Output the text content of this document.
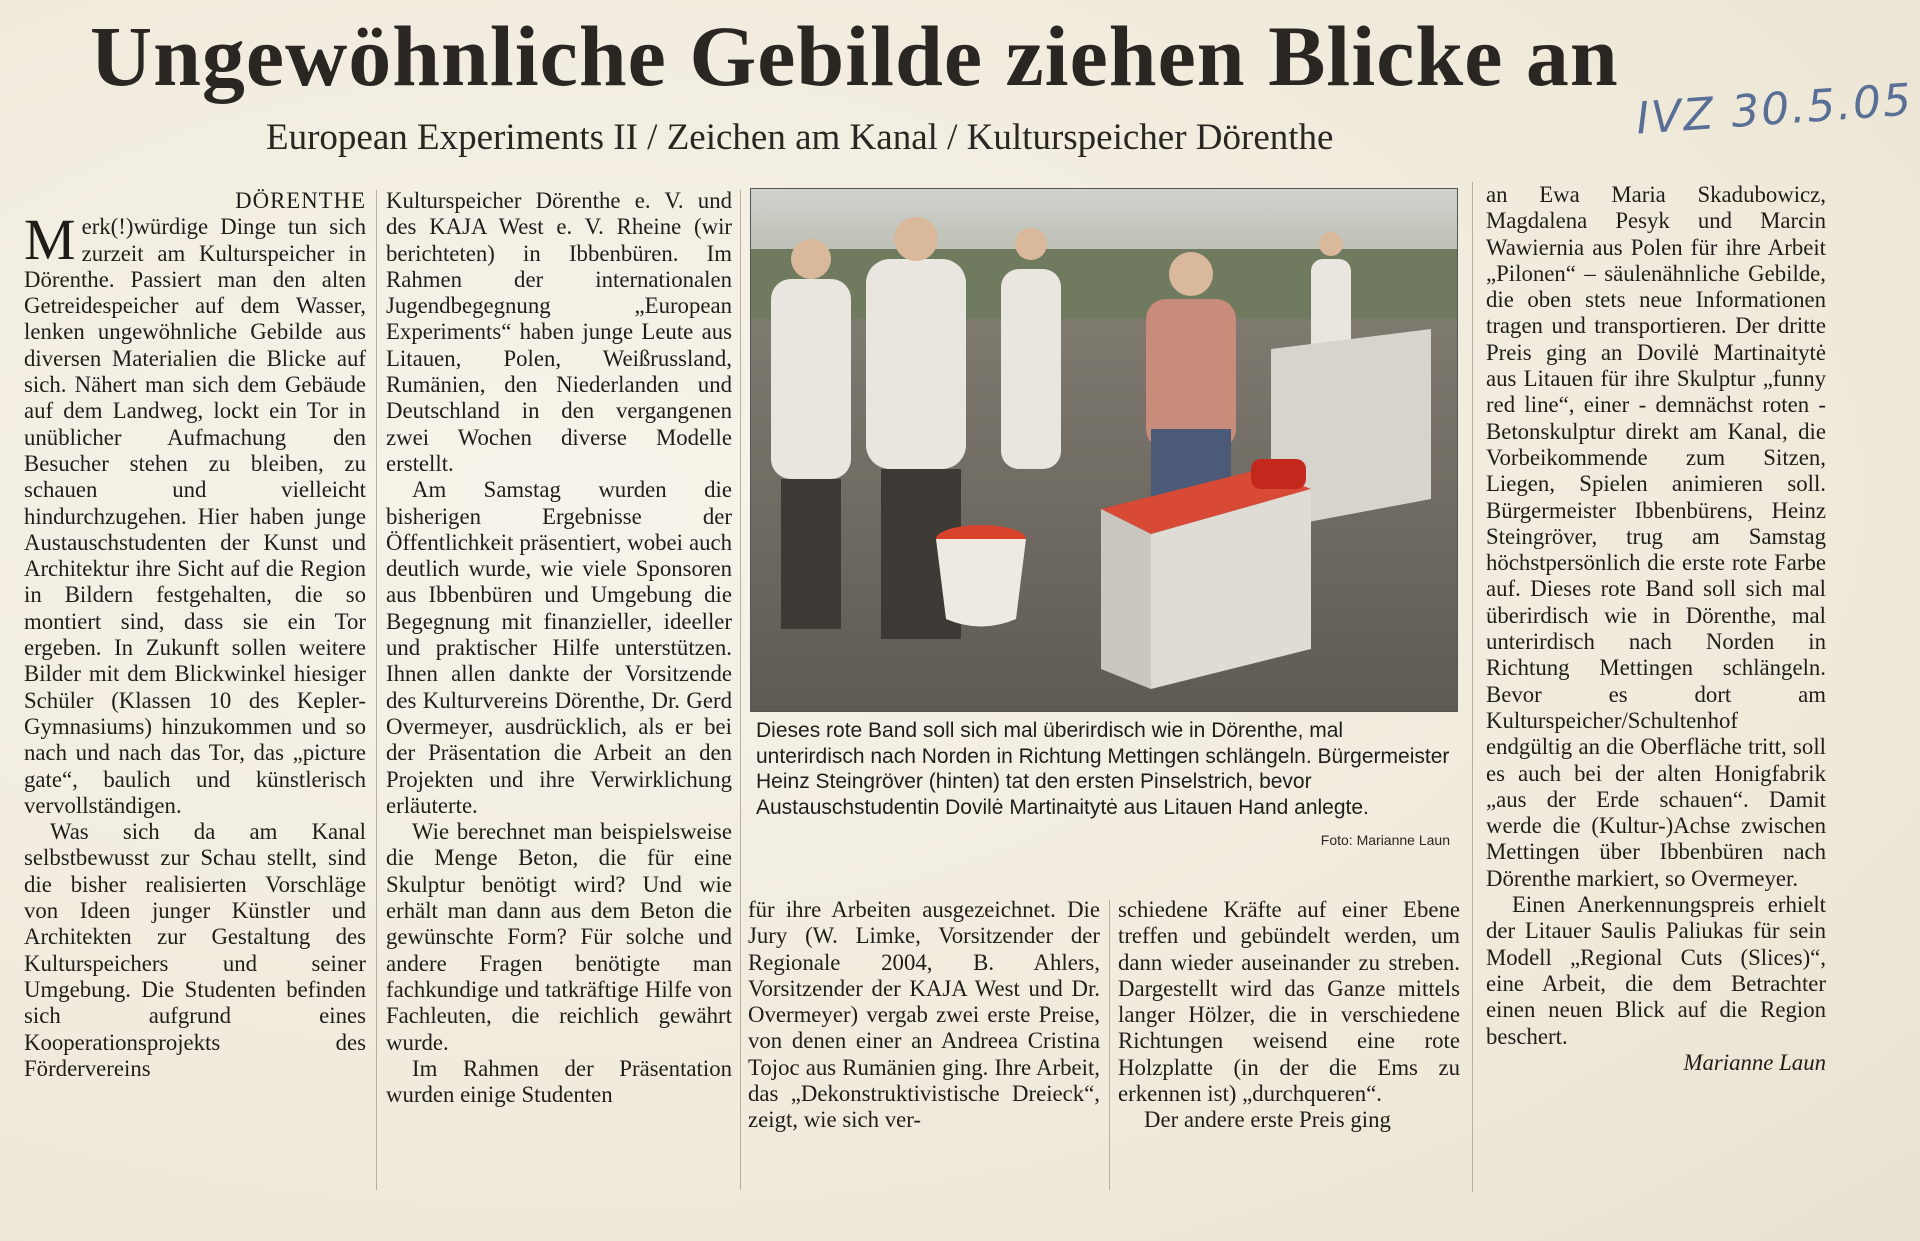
Ungewöhnliche Gebilde ziehen Blicke an
IVZ 30.5.05
European Experiments II / Zeichen am Kanal / Kulturspeicher Dörenthe

DÖRENTHE

Merk(!)würdige Dinge tun sich zurzeit am Kulturspeicher in Dörenthe. Passiert man den alten Getreidespeicher auf dem Wasser, lenken ungewöhnliche Gebilde aus diversen Materialien die Blicke auf sich. Nähert man sich dem Gebäude auf dem Landweg, lockt ein Tor in unüblicher Aufmachung den Besucher stehen zu bleiben, zu schauen und vielleicht hindurchzugehen. Hier haben junge Austauschstudenten der Kunst und Architektur ihre Sicht auf die Region in Bildern festgehalten, die so montiert sind, dass sie ein Tor ergeben. In Zukunft sollen weitere Bilder mit dem Blickwinkel hiesiger Schüler (Klassen 10 des Kepler-Gymnasiums) hinzukommen und so nach und nach das Tor, das „picture gate“, baulich und künstlerisch vervollständigen.

Was sich da am Kanal selbstbewusst zur Schau stellt, sind die bisher realisierten Vorschläge von Ideen junger Künstler und Architekten zur Gestaltung des Kulturspeichers und seiner Umgebung. Die Studenten befinden sich aufgrund eines Kooperationsprojekts des Fördervereins

Kulturspeicher Dörenthe e. V. und des KAJA West e. V. Rheine (wir berichteten) in Ibbenbüren. Im Rahmen der internationalen Jugendbegegnung „European Experiments“ haben junge Leute aus Litauen, Polen, Weißrussland, Rumänien, den Niederlanden und Deutschland in den vergangenen zwei Wochen diverse Modelle erstellt.

Am Samstag wurden die bisherigen Ergebnisse der Öffentlichkeit präsentiert, wobei auch deutlich wurde, wie viele Sponsoren aus Ibbenbüren und Umgebung die Begegnung mit finanzieller, ideeller und praktischer Hilfe unterstützen. Ihnen allen dankte der Vorsitzende des Kulturvereins Dörenthe, Dr. Gerd Overmeyer, ausdrücklich, als er bei der Präsentation die Arbeit an den Projekten und ihre Verwirklichung erläuterte.

Wie berechnet man beispielsweise die Menge Beton, die für eine Skulptur benötigt wird? Und wie erhält man dann aus dem Beton die gewünschte Form? Für solche und andere Fragen benötigte man fachkundige und tatkräftige Hilfe von Fachleuten, die reichlich gewährt wurde.

Im Rahmen der Präsentation wurden einige Studenten

Dieses rote Band soll sich mal überirdisch wie in Dörenthe, mal unterirdisch nach Norden in Richtung Mettingen schlängeln. Bürgermeister Heinz Steingröver (hinten) tat den ersten Pinselstrich, bevor Austauschstudentin Dovilė Martinaitytė aus Litauen Hand anlegte.
Foto: Marianne Laun

für ihre Arbeiten ausgezeichnet. Die Jury (W. Limke, Vorsitzender der Regionale 2004, B. Ahlers, Vorsitzender der KAJA West und Dr. Overmeyer) vergab zwei erste Preise, von denen einer an Andreea Cristina Tojoc aus Rumänien ging. Ihre Arbeit, das „Dekonstruktivistische Dreieck“, zeigt, wie sich ver-

schiedene Kräfte auf einer Ebene treffen und gebündelt werden, um dann wieder auseinander zu streben. Dargestellt wird das Ganze mittels langer Hölzer, die in verschiedene Richtungen weisend eine rote Holzplatte (in der die Ems zu erkennen ist) „durchqueren“.

Der andere erste Preis ging

an Ewa Maria Skadubowicz, Magdalena Pesyk und Marcin Wawiernia aus Polen für ihre Arbeit „Pilonen“ – säulenähnliche Gebilde, die oben stets neue Informationen tragen und transportieren. Der dritte Preis ging an Dovilė Martinaitytė aus Litauen für ihre Skulptur „funny red line“, einer - demnächst roten - Betonskulptur direkt am Kanal, die Vorbeikommende zum Sitzen, Liegen, Spielen animieren soll. Bürgermeister Ibbenbürens, Heinz Steingröver, trug am Samstag höchstpersönlich die erste rote Farbe auf. Dieses rote Band soll sich mal überirdisch wie in Dörenthe, mal unterirdisch nach Norden in Richtung Mettingen schlängeln. Bevor es dort am Kulturspeicher/Schultenhof endgültig an die Oberfläche tritt, soll es auch bei der alten Honigfabrik „aus der Erde schauen“. Damit werde die (Kultur-)Achse zwischen Mettingen über Ibbenbüren nach Dörenthe markiert, so Overmeyer.

Einen Anerkennungspreis erhielt der Litauer Saulis Paliukas für sein Modell „Regional Cuts (Slices)“, eine Arbeit, die dem Betrachter einen neuen Blick auf die Region beschert.

Marianne Laun
